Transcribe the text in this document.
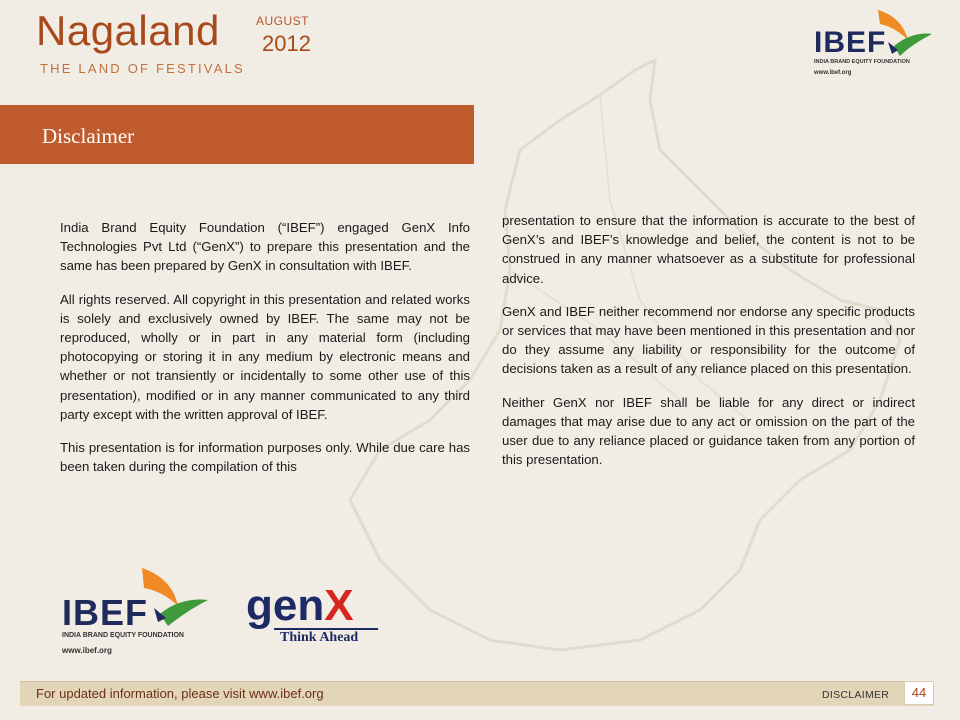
Nagaland
THE LAND OF FESTIVALS
AUGUST
2012	IBEF
INDIA BRAND EQUITY FOUNDATION
www.ibef.org
Disclaimer

India Brand Equity Foundation (“IBEF”) engaged GenX Info Technologies Pvt Ltd (“GenX”) to prepare this presentation and the same has been prepared by GenX in consultation with IBEF.

All rights reserved. All copyright in this presentation and related works is solely and exclusively owned by IBEF. The same may not be reproduced, wholly or in part in any material form (including photocopying or storing it in any medium by electronic means and whether or not transiently or incidentally to some other use of this presentation), modified or in any manner communicated to any third party except with the written approval of IBEF.

This presentation is for information purposes only. While due care has been taken during the compilation of this

presentation to ensure that the information is accurate to the best of GenX’s and IBEF’s knowledge and belief, the content is not to be construed in any manner whatsoever as a substitute for professional advice.

GenX and IBEF neither recommend nor endorse any specific products or services that may have been mentioned in this presentation and nor do they assume any liability or responsibility for the outcome of decisions taken as a result of any reliance placed on this presentation.

Neither GenX nor IBEF shall be liable for any direct or indirect damages that may arise due to any act or omission on the part of the user due to any reliance placed or guidance taken from any portion of this presentation.

IBEF
INDIA BRAND EQUITY FOUNDATION
www.ibef.org
genX
Think Ahead
For updated information, please visit www.ibef.org	DISCLAIMER	44
